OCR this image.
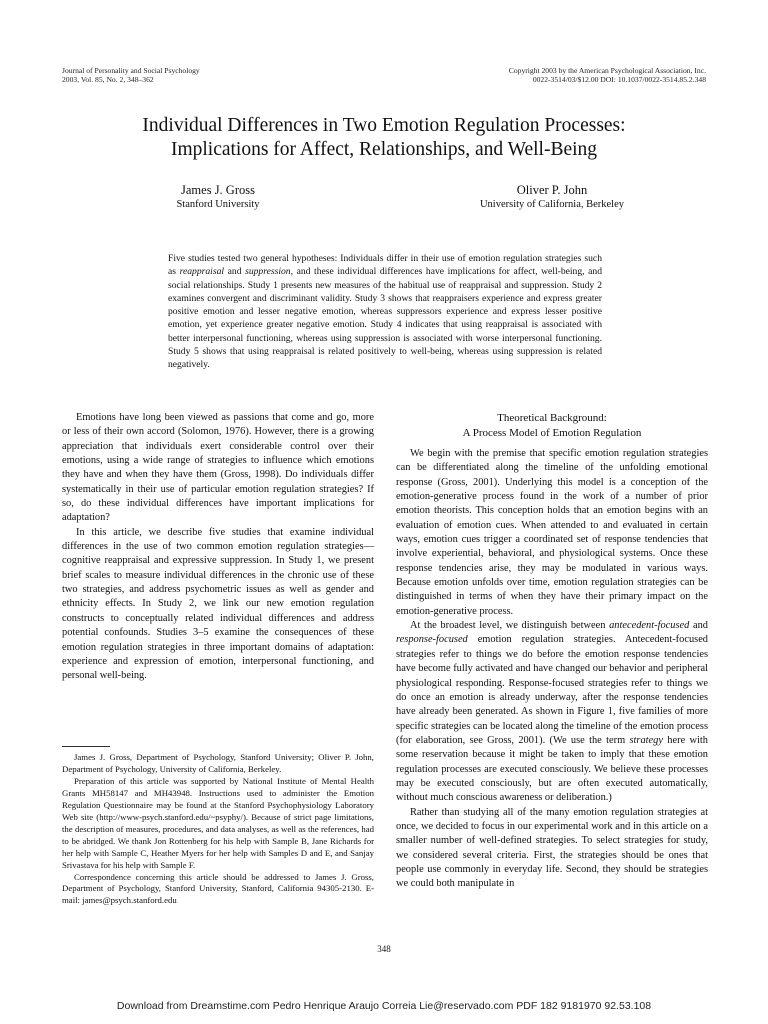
Journal of Personality and Social Psychology
2003, Vol. 85, No. 2, 348–362
Copyright 2003 by the American Psychological Association, Inc.
0022-3514/03/$12.00 DOI: 10.1037/0022-3514.85.2.348
Individual Differences in Two Emotion Regulation Processes:
Implications for Affect, Relationships, and Well-Being
James J. Gross
Stanford University
Oliver P. John
University of California, Berkeley
Five studies tested two general hypotheses: Individuals differ in their use of emotion regulation strategies such as reappraisal and suppression, and these individual differences have implications for affect, well-being, and social relationships. Study 1 presents new measures of the habitual use of reappraisal and suppression. Study 2 examines convergent and discriminant validity. Study 3 shows that reappraisers experience and express greater positive emotion and lesser negative emotion, whereas suppressors experience and express lesser positive emotion, yet experience greater negative emotion. Study 4 indicates that using reappraisal is associated with better interpersonal functioning, whereas using suppression is associated with worse interpersonal functioning. Study 5 shows that using reappraisal is related positively to well-being, whereas using suppression is related negatively.

Emotions have long been viewed as passions that come and go, more or less of their own accord (Solomon, 1976). However, there is a growing appreciation that individuals exert considerable control over their emotions, using a wide range of strategies to influence which emotions they have and when they have them (Gross, 1998). Do individuals differ systematically in their use of particular emotion regulation strategies? If so, do these individual differences have important implications for adaptation?

In this article, we describe five studies that examine individual differences in the use of two common emotion regulation strategies—cognitive reappraisal and expressive suppression. In Study 1, we present brief scales to measure individual differences in the chronic use of these two strategies, and address psychometric issues as well as gender and ethnicity effects. In Study 2, we link our new emotion regulation constructs to conceptually related individual differences and address potential confounds. Studies 3–5 examine the consequences of these emotion regulation strategies in three important domains of adaptation: experience and expression of emotion, interpersonal functioning, and personal well-being.

James J. Gross, Department of Psychology, Stanford University; Oliver P. John, Department of Psychology, University of California, Berkeley.

Preparation of this article was supported by National Institute of Mental Health Grants MH58147 and MH43948. Instructions used to administer the Emotion Regulation Questionnaire may be found at the Stanford Psychophysiology Laboratory Web site (http://www-psych.stanford.edu/~psyphy/). Because of strict page limitations, the description of measures, procedures, and data analyses, as well as the references, had to be abridged. We thank Jon Rottenberg for his help with Sample B, Jane Richards for her help with Sample C, Heather Myers for her help with Samples D and E, and Sanjay Srivastava for his help with Sample F.

Correspondence concerning this article should be addressed to James J. Gross, Department of Psychology, Stanford University, Stanford, California 94305-2130. E-mail: james@psych.stanford.edu

Theoretical Background:
A Process Model of Emotion Regulation

We begin with the premise that specific emotion regulation strategies can be differentiated along the timeline of the unfolding emotional response (Gross, 2001). Underlying this model is a conception of the emotion-generative process found in the work of a number of prior emotion theorists. This conception holds that an emotion begins with an evaluation of emotion cues. When attended to and evaluated in certain ways, emotion cues trigger a coordinated set of response tendencies that involve experiential, behavioral, and physiological systems. Once these response tendencies arise, they may be modulated in various ways. Because emotion unfolds over time, emotion regulation strategies can be distinguished in terms of when they have their primary impact on the emotion-generative process.

At the broadest level, we distinguish between antecedent-focused and response-focused emotion regulation strategies. Antecedent-focused strategies refer to things we do before the emotion response tendencies have become fully activated and have changed our behavior and peripheral physiological responding. Response-focused strategies refer to things we do once an emotion is already underway, after the response tendencies have already been generated. As shown in Figure 1, five families of more specific strategies can be located along the timeline of the emotion process (for elaboration, see Gross, 2001). (We use the term strategy here with some reservation because it might be taken to imply that these emotion regulation processes are executed consciously. We believe these processes may be executed consciously, but are often executed automatically, without much conscious awareness or deliberation.)

Rather than studying all of the many emotion regulation strategies at once, we decided to focus in our experimental work and in this article on a smaller number of well-defined strategies. To select strategies for study, we considered several criteria. First, the strategies should be ones that people use commonly in everyday life. Second, they should be strategies we could both manipulate in

348
Download from Dreamstime.com Pedro Henrique Araujo Correia Lie@reservado.com PDF 182 9181970 92.53.108
